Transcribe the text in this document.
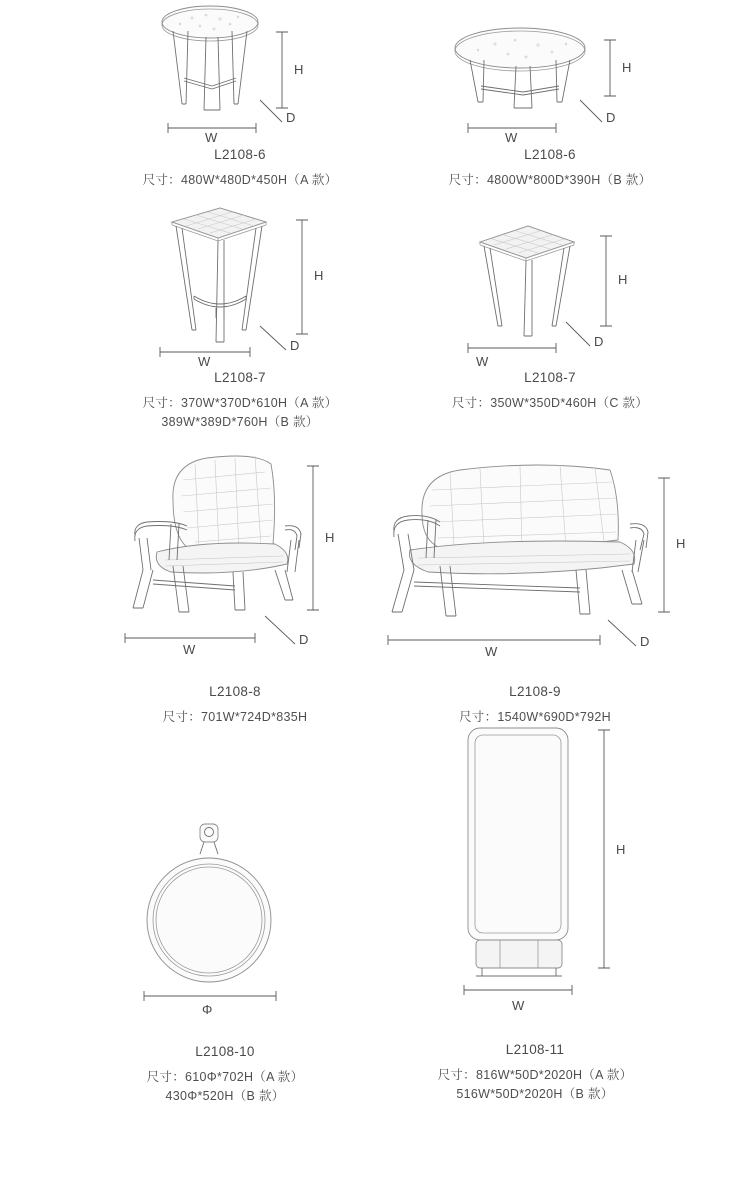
H
D
W
L2108-6
尺寸：480W*480D*450H（A 款）
H
D
W
L2108-6
尺寸：4800W*800D*390H（B 款）
H
D
W
L2108-7
尺寸：370W*370D*610H（A 款）
389W*389D*760H（B 款）
H
D
W
L2108-7
尺寸：350W*350D*460H（C 款）
H
D
W
L2108-8
尺寸：701W*724D*835H
H
D
W
L2108-9
尺寸：1540W*690D*792H
Φ
L2108-10
尺寸：610Φ*702H（A 款）
430Φ*520H（B 款）
H
W
L2108-11
尺寸：816W*50D*2020H（A 款）
516W*50D*2020H（B 款）
